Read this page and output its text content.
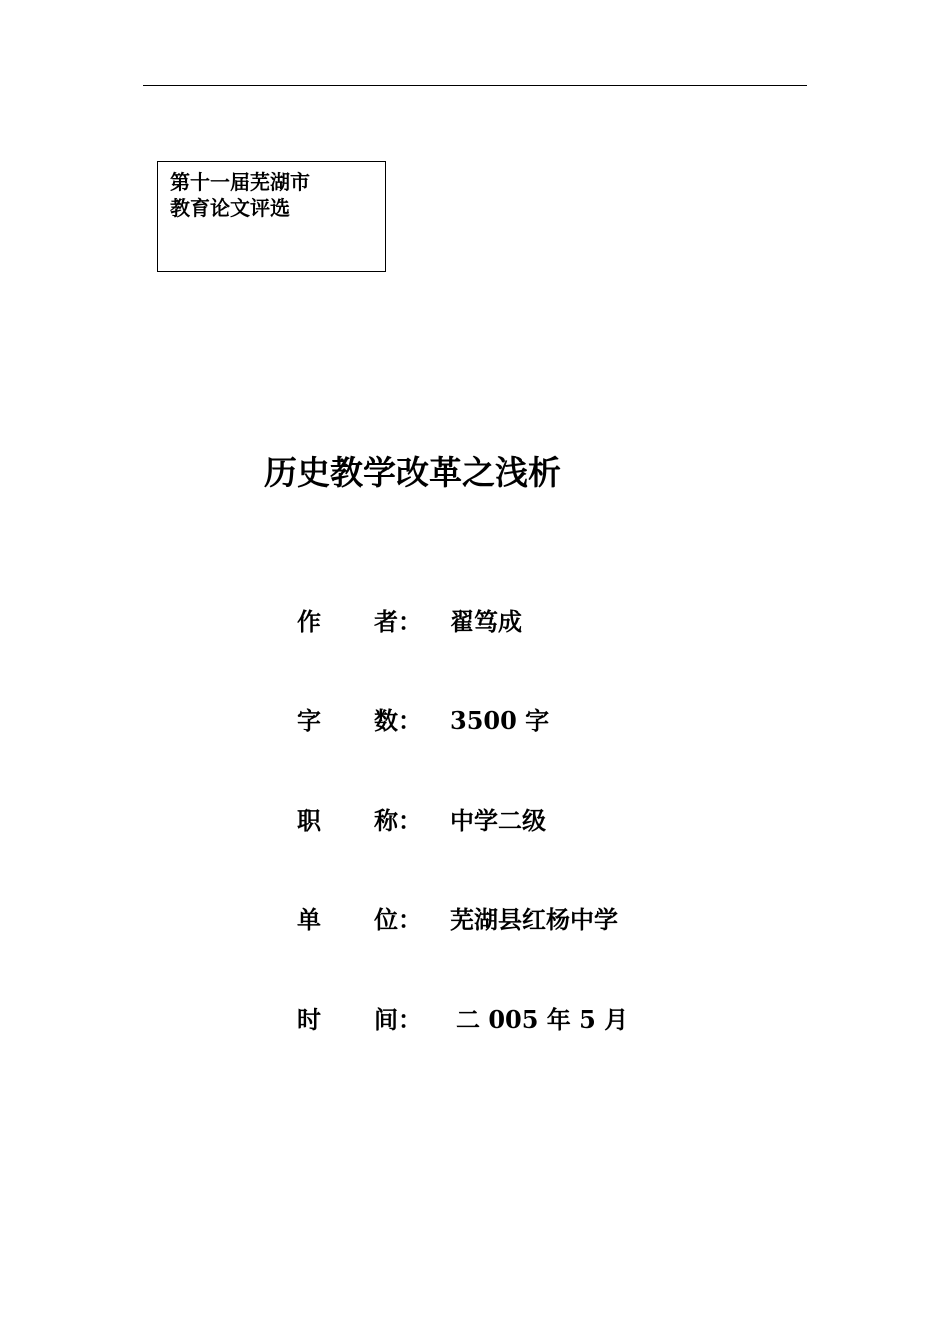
第十一届芜湖市
教育论文评选
历史教学改革之浅析
作 者： 翟笃成
字 数： 3500 字
职 称： 中学二级
单 位： 芜湖县红杨中学
时 间： 二 005 年 5 月
